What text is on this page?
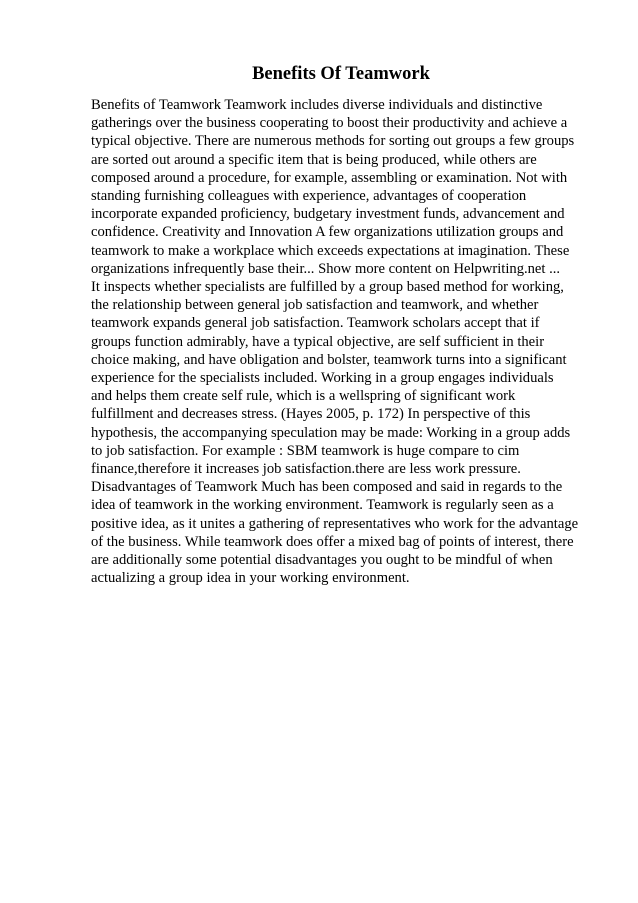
Benefits Of Teamwork
Benefits of Teamwork Teamwork includes diverse individuals and distinctive
gatherings over the business cooperating to boost their productivity and achieve a
typical objective. There are numerous methods for sorting out groups a few groups
are sorted out around a specific item that is being produced, while others are
composed around a procedure, for example, assembling or examination. Not with
standing furnishing colleagues with experience, advantages of cooperation
incorporate expanded proficiency, budgetary investment funds, advancement and
confidence. Creativity and Innovation A few organizations utilization groups and
teamwork to make a workplace which exceeds expectations at imagination. These
organizations infrequently base their... Show more content on Helpwriting.net ...
It inspects whether specialists are fulfilled by a group based method for working,
the relationship between general job satisfaction and teamwork, and whether
teamwork expands general job satisfaction. Teamwork scholars accept that if
groups function admirably, have a typical objective, are self sufficient in their
choice making, and have obligation and bolster, teamwork turns into a significant
experience for the specialists included. Working in a group engages individuals
and helps them create self rule, which is a wellspring of significant work
fulfillment and decreases stress. (Hayes 2005, p. 172) In perspective of this
hypothesis, the accompanying speculation may be made: Working in a group adds
to job satisfaction. For example : SBM teamwork is huge compare to cim
finance,therefore it increases job satisfaction.there are less work pressure.
Disadvantages of Teamwork Much has been composed and said in regards to the
idea of teamwork in the working environment. Teamwork is regularly seen as a
positive idea, as it unites a gathering of representatives who work for the advantage
of the business. While teamwork does offer a mixed bag of points of interest, there
are additionally some potential disadvantages you ought to be mindful of when
actualizing a group idea in your working environment.
